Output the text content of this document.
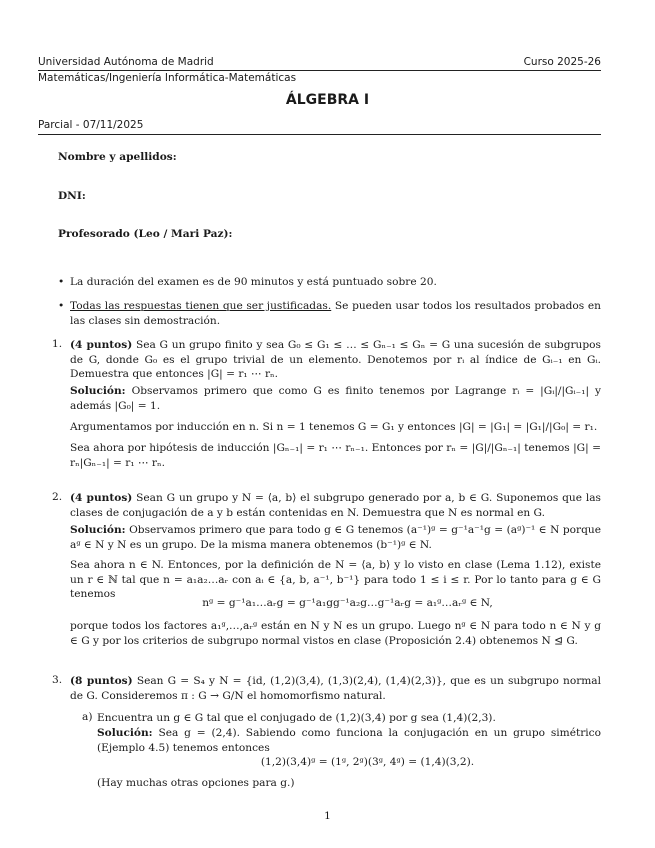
Universidad Autónoma de Madrid	Curso 2025-26
Matemáticas/Ingeniería Informática-Matemáticas
ÁLGEBRA I
Parcial - 07/11/2025
Nombre y apellidos:
DNI:
Profesorado (Leo / Mari Paz):
• La duración del examen es de 90 minutos y está puntuado sobre 20.
• Todas las respuestas tienen que ser justificadas. Se pueden usar todos los resultados probados en las clases sin demostración.
1. (4 puntos) Sea G un grupo finito y sea G₀ ≤ G₁ ≤ … ≤ Gₙ₋₁ ≤ Gₙ = G una sucesión de subgrupos de G, donde G₀ es el grupo trivial de un elemento. Denotemos por rᵢ al índice de Gᵢ₋₁ en Gᵢ. Demuestra que entonces |G| = r₁ ⋯ rₙ.
Solución: Observamos primero que como G es finito tenemos por Lagrange rᵢ = |Gᵢ|/|Gᵢ₋₁| y además |G₀| = 1.
Argumentamos por inducción en n. Si n = 1 tenemos G = G₁ y entonces |G| = |G₁| = |G₁|/|G₀| = r₁.
Sea ahora por hipótesis de inducción |Gₙ₋₁| = r₁ ⋯ rₙ₋₁. Entonces por rₙ = |G|/|Gₙ₋₁| tenemos |G| = rₙ|Gₙ₋₁| = r₁ ⋯ rₙ.
2. (4 puntos) Sean G un grupo y N = ⟨a, b⟩ el subgrupo generado por a, b ∈ G. Suponemos que las clases de conjugación de a y b están contenidas en N. Demuestra que N es normal en G.
Solución: Observamos primero que para todo g ∈ G tenemos (a⁻¹)ᵍ = g⁻¹a⁻¹g = (aᵍ)⁻¹ ∈ N porque aᵍ ∈ N y N es un grupo. De la misma manera obtenemos (b⁻¹)ᵍ ∈ N.
Sea ahora n ∈ N. Entonces, por la definición de N = ⟨a, b⟩ y lo visto en clase (Lema 1.12), existe un r ∈ ℕ tal que n = a₁a₂…aᵣ con aᵢ ∈ {a, b, a⁻¹, b⁻¹} para todo 1 ≤ i ≤ r. Por lo tanto para g ∈ G tenemos
nᵍ = g⁻¹a₁…aᵣg = g⁻¹a₁gg⁻¹a₂g…g⁻¹aᵣg = a₁ᵍ…aᵣᵍ ∈ N,
porque todos los factores a₁ᵍ,…,aᵣᵍ están en N y N es un grupo. Luego nᵍ ∈ N para todo n ∈ N y g ∈ G y por los criterios de subgrupo normal vistos en clase (Proposición 2.4) obtenemos N ⊴ G.
3. (8 puntos) Sean G = S₄ y N = {id, (1,2)(3,4), (1,3)(2,4), (1,4)(2,3)}, que es un subgrupo normal de G. Consideremos π : G → G/N el homomorfismo natural.
a) Encuentra un g ∈ G tal que el conjugado de (1,2)(3,4) por g sea (1,4)(2,3).
Solución: Sea g = (2,4). Sabiendo como funciona la conjugación en un grupo simétrico (Ejemplo 4.5) tenemos entonces
(1,2)(3,4)ᵍ = (1ᵍ, 2ᵍ)(3ᵍ, 4ᵍ) = (1,4)(3,2).
(Hay muchas otras opciones para g.)
1
